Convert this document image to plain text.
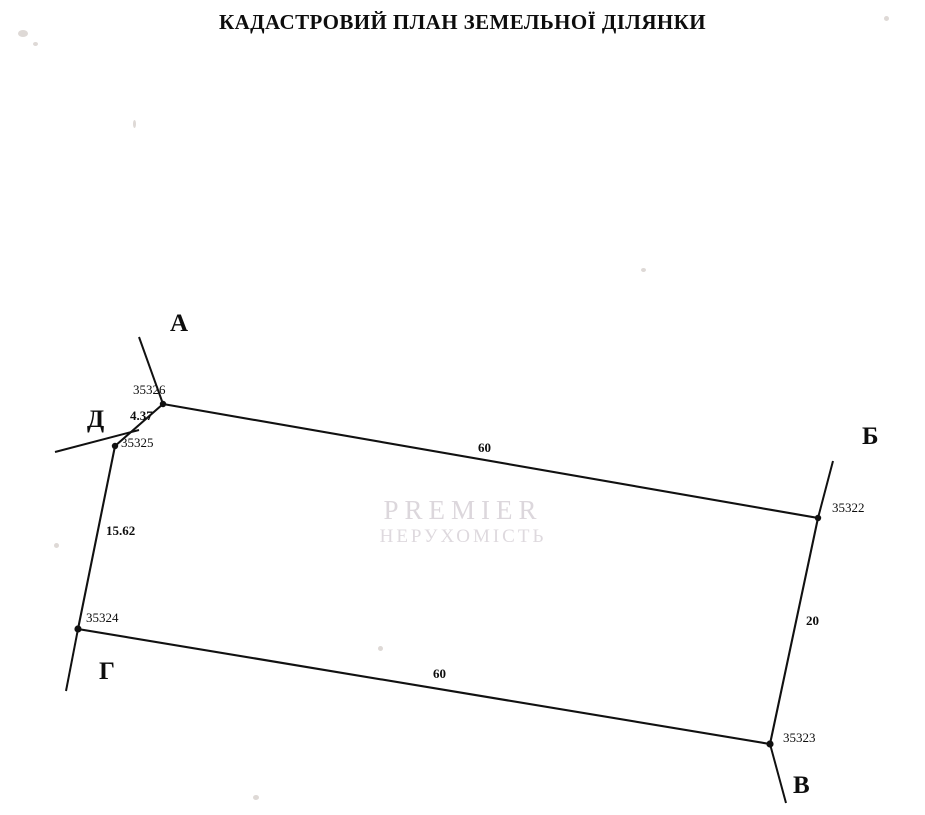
КАДАСТРОВИЙ ПЛАН ЗЕМЕЛЬНОЇ ДІЛЯНКИ
А
Б
В
Г
Д
35326
35325
35324
35323
35322
4.37
60
20
60
15.62
PREMIER
НЕРУХОМІСТЬ
